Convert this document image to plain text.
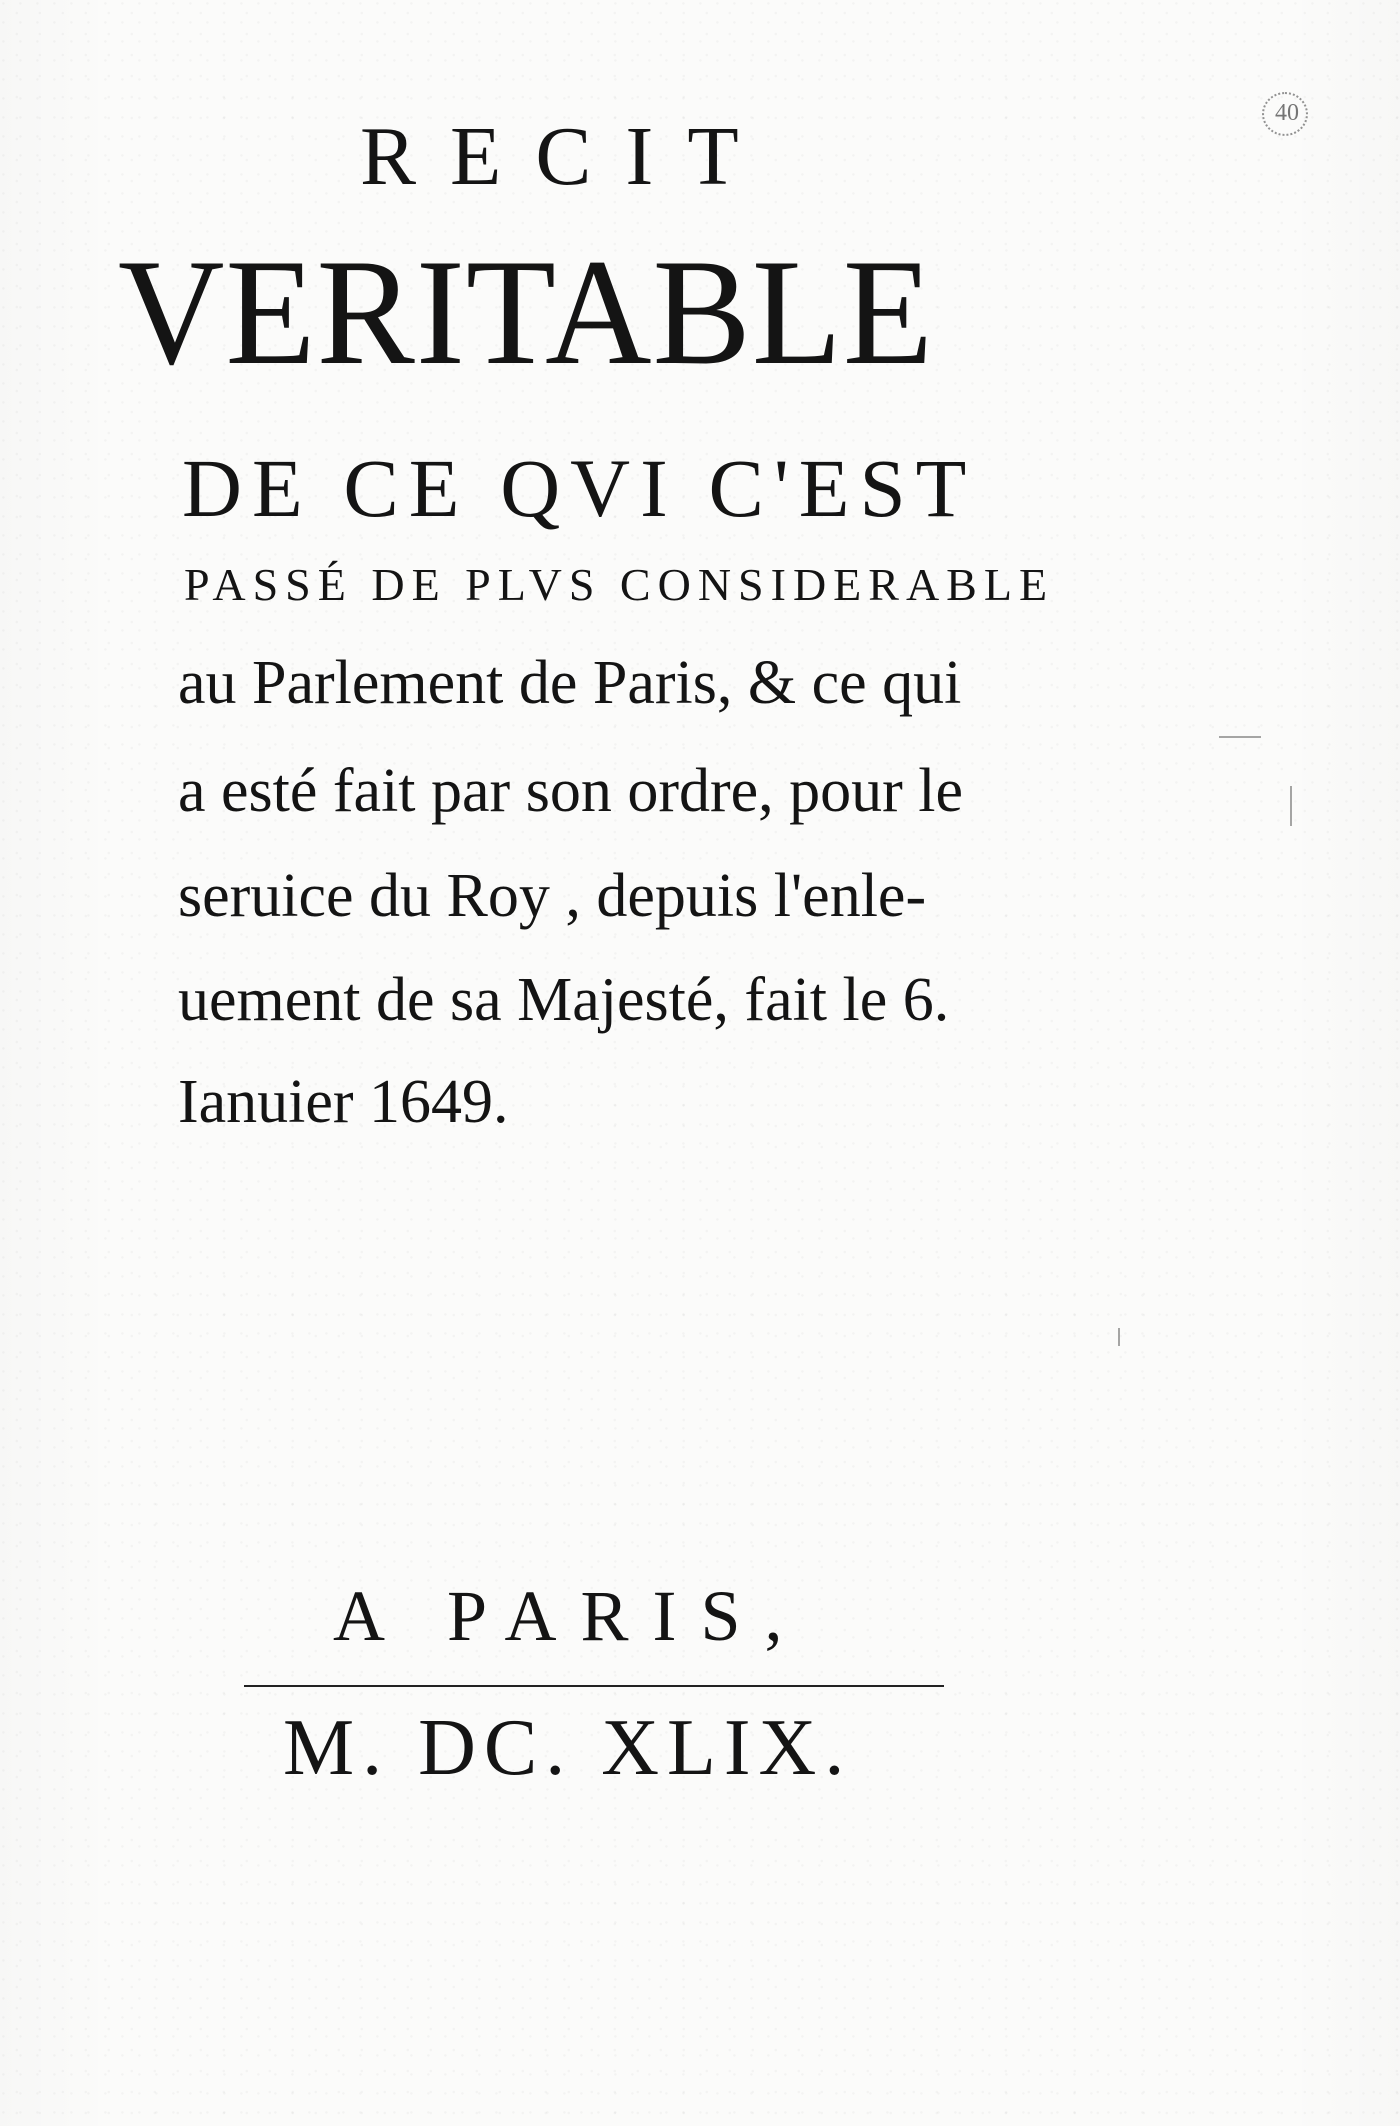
40
RECIT
VERITABLE
DE CE QVI C'EST
PASSÉ DE PLVS CONSIDERABLE
au Parlement de Paris, & ce qui
a esté fait par son ordre, pour le
seruice du Roy , depuis l'enle-
uement de sa Majesté, fait le 6.
Ianuier 1649.
A PARIS,
M. DC. XLIX.
